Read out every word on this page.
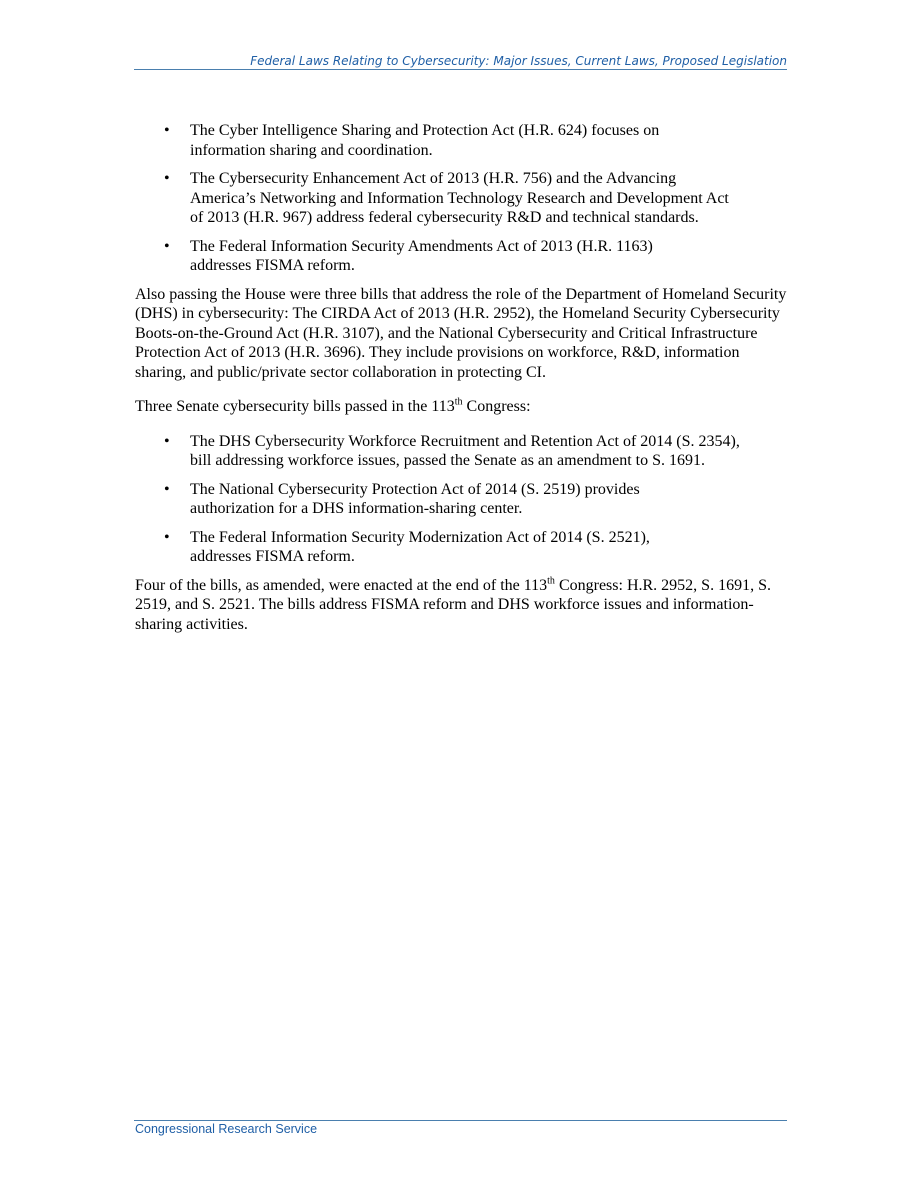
Federal Laws Relating to Cybersecurity: Major Issues, Current Laws, Proposed Legislation
• The Cyber Intelligence Sharing and Protection Act (H.R. 624) focuses on information sharing and coordination.
• The Cybersecurity Enhancement Act of 2013 (H.R. 756) and the Advancing America’s Networking and Information Technology Research and Development Act of 2013 (H.R. 967) address federal cybersecurity R&D and technical standards.
• The Federal Information Security Amendments Act of 2013 (H.R. 1163) addresses FISMA reform.

Also passing the House were three bills that address the role of the Department of Homeland Security (DHS) in cybersecurity: The CIRDA Act of 2013 (H.R. 2952), the Homeland Security Cybersecurity Boots-on-the-Ground Act (H.R. 3107), and the National Cybersecurity and Critical Infrastructure Protection Act of 2013 (H.R. 3696). They include provisions on workforce, R&D, information sharing, and public/private sector collaboration in protecting CI.

Three Senate cybersecurity bills passed in the 113th Congress:

• The DHS Cybersecurity Workforce Recruitment and Retention Act of 2014 (S. 2354), bill addressing workforce issues, passed the Senate as an amendment to S. 1691.
• The National Cybersecurity Protection Act of 2014 (S. 2519) provides authorization for a DHS information-sharing center.
• The Federal Information Security Modernization Act of 2014 (S. 2521), addresses FISMA reform.

Four of the bills, as amended, were enacted at the end of the 113th Congress: H.R. 2952, S. 1691, S. 2519, and S. 2521. The bills address FISMA reform and DHS workforce issues and information-sharing activities.

Congressional Research Service
